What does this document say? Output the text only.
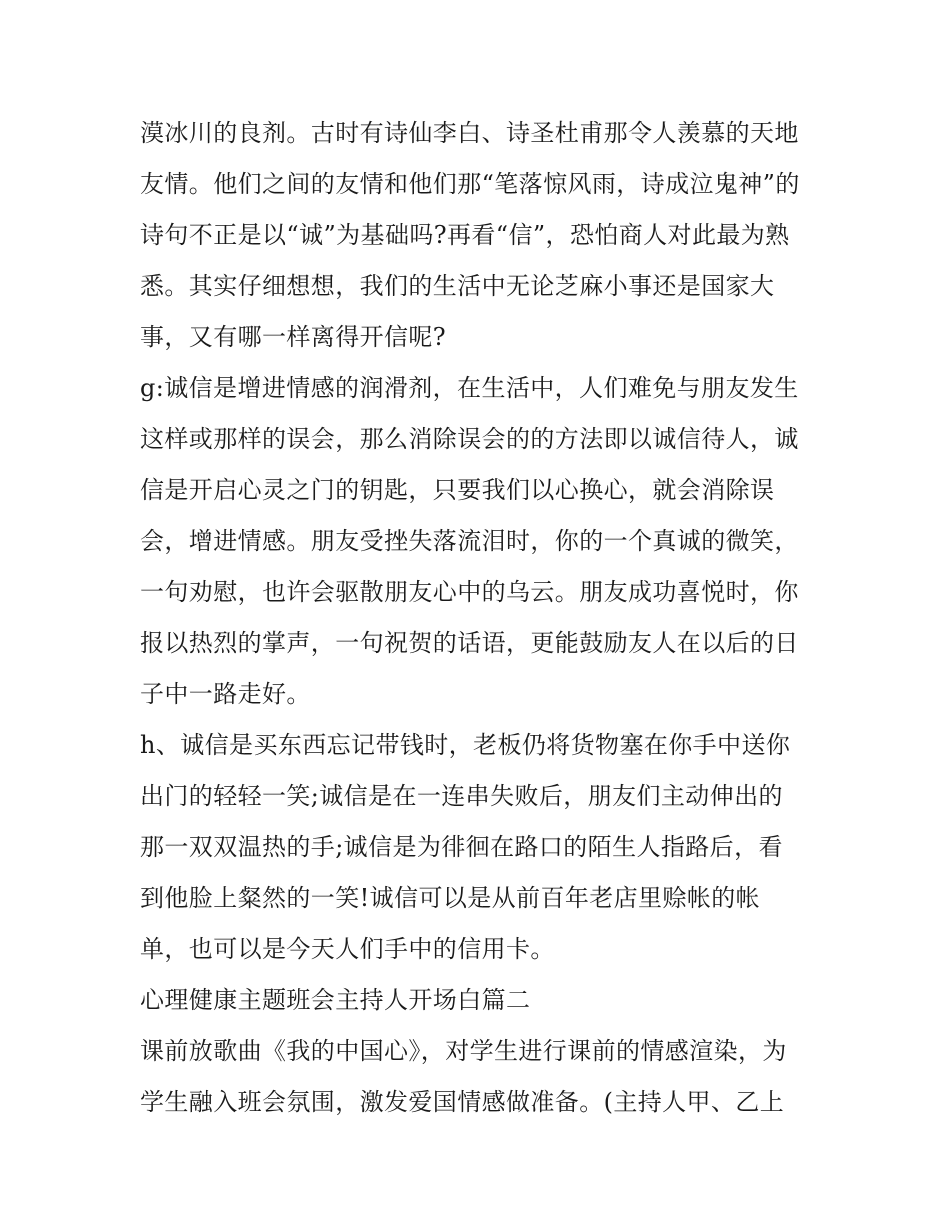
漠冰川的良剂。古时有诗仙李白、诗圣杜甫那令人羡慕的天地
友情。他们之间的友情和他们那“笔落惊风雨，诗成泣鬼神”的
诗句不正是以“诚”为基础吗?再看“信”，恐怕商人对此最为熟
悉。其实仔细想想，我们的生活中无论芝麻小事还是国家大
事，又有哪一样离得开信呢?
g:诚信是增进情感的润滑剂，在生活中，人们难免与朋友发生
这样或那样的误会，那么消除误会的的方法即以诚信待人，诚
信是开启心灵之门的钥匙，只要我们以心换心，就会消除误
会，增进情感。朋友受挫失落流泪时，你的一个真诚的微笑，
一句劝慰，也许会驱散朋友心中的乌云。朋友成功喜悦时，你
报以热烈的掌声，一句祝贺的话语，更能鼓励友人在以后的日
子中一路走好。
h、诚信是买东西忘记带钱时，老板仍将货物塞在你手中送你
出门的轻轻一笑;诚信是在一连串失败后，朋友们主动伸出的
那一双双温热的手;诚信是为徘徊在路口的陌生人指路后，看
到他脸上粲然的一笑!诚信可以是从前百年老店里赊帐的帐
单，也可以是今天人们手中的信用卡。
心理健康主题班会主持人开场白篇二
课前放歌曲《我的中国心》，对学生进行课前的情感渲染，为
学生融入班会氛围，激发爱国情感做准备。(主持人甲、乙上
